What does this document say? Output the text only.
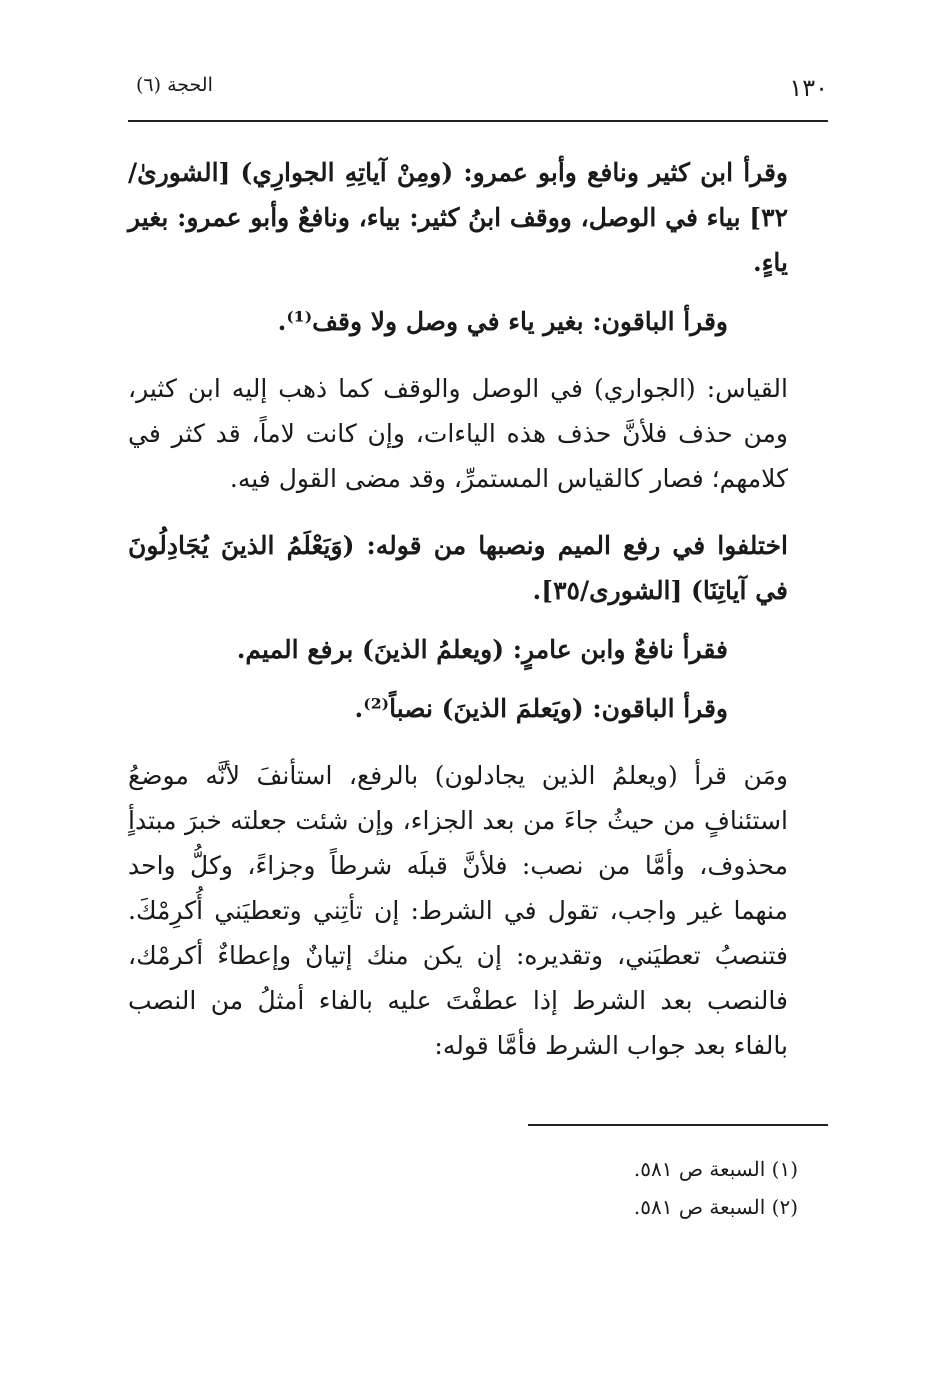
١٣٠
الحجة (٦)

وقرأ ابن كثير ونافع وأبو عمرو: (ومِنْ آياتِهِ الجوارِي) [الشورىٰ/٣٢] بياء في الوصل، ووقف ابنُ كثير: بياء، ونافعٌ وأبو عمرو: بغير ياءٍ.

وقرأ الباقون: بغير ياء في وصل ولا وقف⁽¹⁾.

القياس: (الجواري) في الوصل والوقف كما ذهب إليه ابن كثير، ومن حذف فلأنَّ حذف هذه الياءات، وإن كانت لاماً، قد كثر في كلامهم؛ فصار كالقياس المستمرِّ، وقد مضى القول فيه.

اختلفوا في رفع الميم ونصبها من قوله: (وَيَعْلَمُ الذينَ يُجَادِلُونَ في آياتِنَا) [الشورى/٣٥].

فقرأ نافعٌ وابن عامرٍ: (ويعلمُ الذينَ) برفع الميم.

وقرأ الباقون: (ويَعلمَ الذينَ) نصباً⁽²⁾.

ومَن قرأ (ويعلمُ الذين يجادلون) بالرفع، استأنفَ لأنَّه موضعُ استئنافٍ من حيثُ جاءَ من بعد الجزاء، وإن شئت جعلته خبرَ مبتدأٍ محذوف، وأمَّا من نصب: فلأنَّ قبلَه شرطاً وجزاءً، وكلُّ واحد منهما غير واجب، تقول في الشرط: إن تأتِني وتعطيَني أُكرِمْكَ. فتنصبُ تعطيَني، وتقديره: إن يكن منك إتيانٌ وإعطاءٌ أكرمْك، فالنصب بعد الشرط إذا عطفْتَ عليه بالفاء أمثلُ من النصب بالفاء بعد جواب الشرط فأمَّا قوله:

(١) السبعة ص ٥٨١.

(٢) السبعة ص ٥٨١.
